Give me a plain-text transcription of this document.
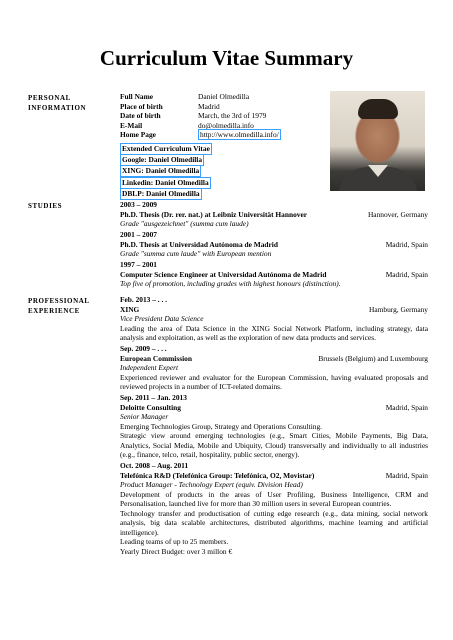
Curriculum Vitae Summary
PERSONAL INFORMATION
Full Name	Daniel Olmedilla
Place of birth	Madrid
Date of birth	March, the 3rd of 1979
E-Mail	do@olmedilla.info
Home Page	http://www.olmedilla.info/
Extended Curriculum Vitae
Google: Daniel Olmedilla
XING: Daniel Olmedilla
Linkedin: Daniel Olmedilla
DBLP: Daniel Olmedilla
STUDIES	2003 – 2009
Ph.D. Thesis (Dr. rer. nat.) at Leibniz Universität Hannover	Hannover, Germany
Grade "ausgezeichnet" (summa cum laude)
2001 – 2007
Ph.D. Thesis at Universidad Autónoma de Madrid	Madrid, Spain
Grade "summa cum laude" with European mention
1997 – 2001
Computer Science Engineer at Universidad Autónoma de Madrid	Madrid, Spain
Top five of promotion, including grades with highest honours (distinction).
PROFESSIONAL EXPERIENCE
Feb. 2013 – . . .
XING	Hamburg, Germany
Vice President Data Science
Leading the area of Data Science in the XING Social Network Platform, including strategy, data analysis and exploitation, as well as the exploration of new data products and services.
Sep. 2009 – . . .
European Commission	Brussels (Belgium) and Luxembourg
Independent Expert
Experienced reviewer and evaluator for the European Commission, having evaluated proposals and reviewed projects in a number of ICT-related domains.
Sep. 2011 – Jan. 2013
Deloitte Consulting	Madrid, Spain
Senior Manager
Emerging Technologies Group, Strategy and Operations Consulting.
Strategic view around emerging technologies (e.g., Smart Cities, Mobile Payments, Big Data, Analytics, Social Media, Mobile and Ubiquity, Cloud) transversally and individually to all industries (e.g., finance, telco, retail, hospitality, public sector, energy).
Oct. 2008 – Aug. 2011
Telefónica R&D (Telefónica Group: Telefónica, O2, Movistar)	Madrid, Spain
Product Manager - Technology Expert (equiv. Division Head)
Development of products in the areas of User Profiling, Business Intelligence, CRM and Personalisation, launched live for more than 30 million users in several European countries.
Technology transfer and productisation of cutting edge research (e.g., data mining, social network analysis, big data scalable architectures, distributed algorithms, machine learning and artificial intelligence).
Leading teams of up to 25 members.
Yearly Direct Budget: over 3 millon €
